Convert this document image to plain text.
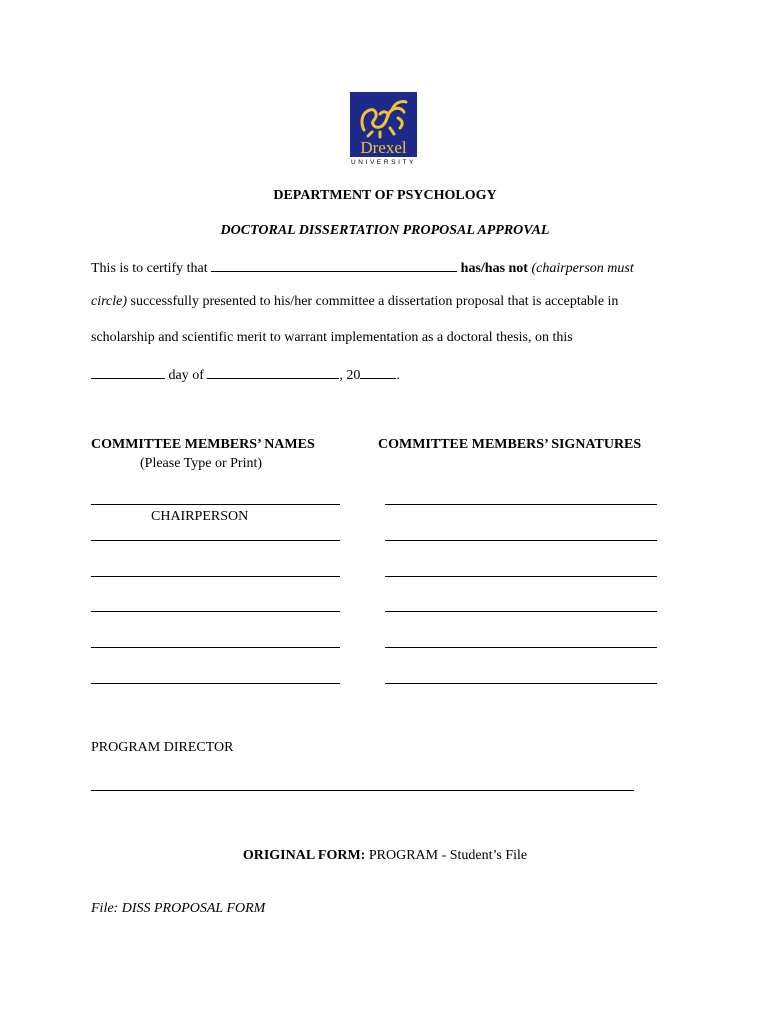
Drexel
UNIVERSITY
DEPARTMENT OF PSYCHOLOGY
DOCTORAL DISSERTATION PROPOSAL APPROVAL
This is to certify that	has/has not (chairperson must
circle) successfully presented to his/her committee a dissertation proposal that is acceptable in
scholarship and scientific merit to warrant implementation as a doctoral thesis, on this
day of	, 20	.
COMMITTEE MEMBERS’ NAMES
(Please Type or Print)
COMMITTEE MEMBERS’ SIGNATURES
CHAIRPERSON
PROGRAM DIRECTOR
ORIGINAL FORM: PROGRAM - Student’s File
File: DISS PROPOSAL FORM
